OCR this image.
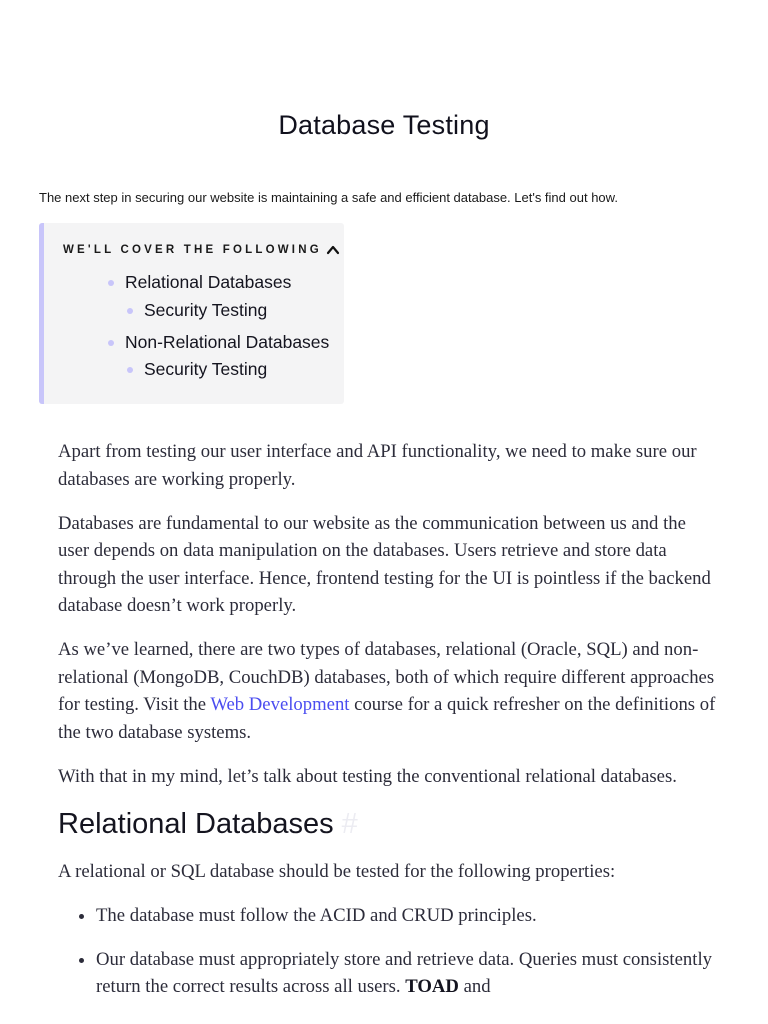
Database Testing

The next step in securing our website is maintaining a safe and efficient database. Let's find out how.

WE'LL COVER THE FOLLOWING
Relational Databases
Security Testing
Non-Relational Databases
Security Testing

Apart from testing our user interface and API functionality, we need to make sure our databases are working properly.

Databases are fundamental to our website as the communication between us and the user depends on data manipulation on the databases. Users retrieve and store data through the user interface. Hence, frontend testing for the UI is pointless if the backend database doesn’t work properly.

As we’ve learned, there are two types of databases, relational (Oracle, SQL) and non-relational (MongoDB, CouchDB) databases, both of which require different approaches for testing. Visit the Web Development course for a quick refresher on the definitions of the two database systems.

With that in my mind, let’s talk about testing the conventional relational databases.

Relational Databases #

A relational or SQL database should be tested for the following properties:

• The database must follow the ACID and CRUD principles.
• Our database must appropriately store and retrieve data. Queries must consistently return the correct results across all users. TOAD and
